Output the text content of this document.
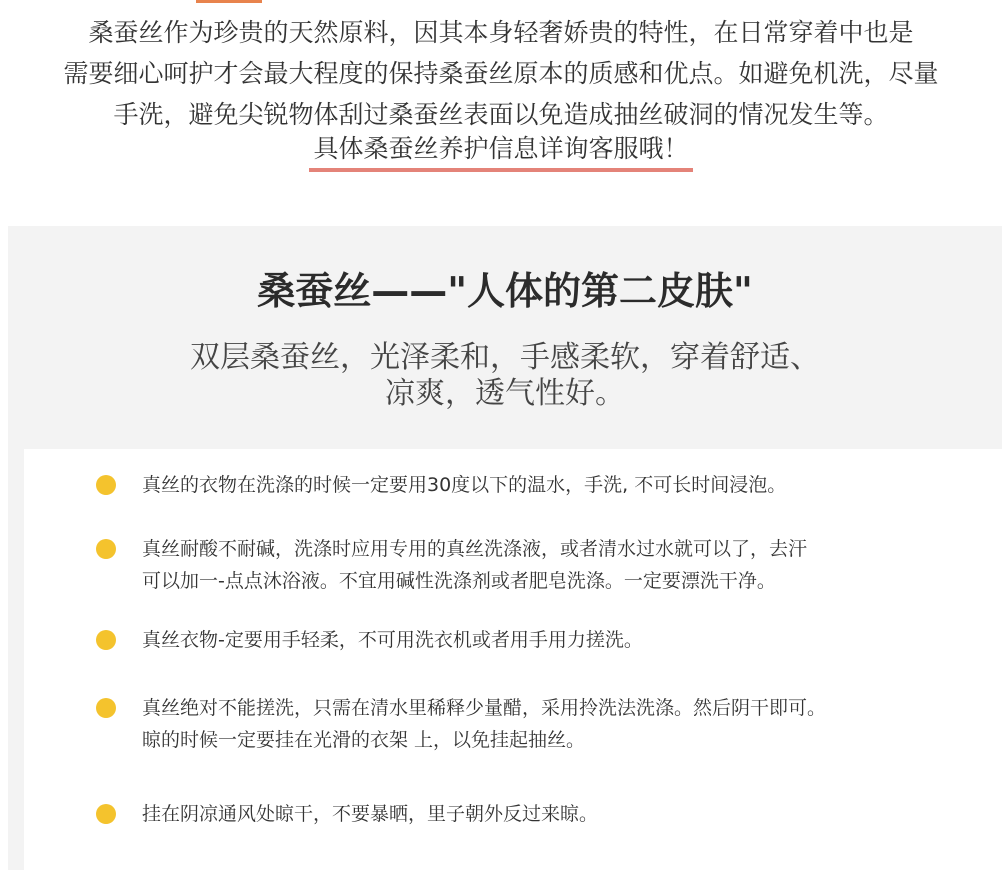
桑蚕丝作为珍贵的天然原料，因其本身轻奢娇贵的特性，在日常穿着中也是
需要细心呵护才会最大程度的保持桑蚕丝原本的质感和优点。如避免机洗，尽量
手洗，避免尖锐物体刮过桑蚕丝表面以免造成抽丝破洞的情况发生等。
具体桑蚕丝养护信息详询客服哦！
桑蚕丝——"人体的第二皮肤"
双层桑蚕丝，光泽柔和，手感柔软，穿着舒适、
凉爽，透气性好。
真丝的衣物在洗涤的时候一定要用30度以下的温水，手洗, 不可长时间浸泡。
真丝耐酸不耐碱，洗涤时应用专用的真丝洗涤液，或者清水过水就可以了，去汗
可以加一-点点沐浴液。不宜用碱性洗涤剂或者肥皂洗涤。一定要漂洗干净。
真丝衣物-定要用手轻柔，不可用洗衣机或者用手用力搓洗。
真丝绝对不能搓洗，只需在清水里稀释少量醋，采用拎洗法洗涤。然后阴干即可。
晾的时候一定要挂在光滑的衣架 上，以免挂起抽丝。
挂在阴凉通风处晾干，不要暴晒，里子朝外反过来晾。
